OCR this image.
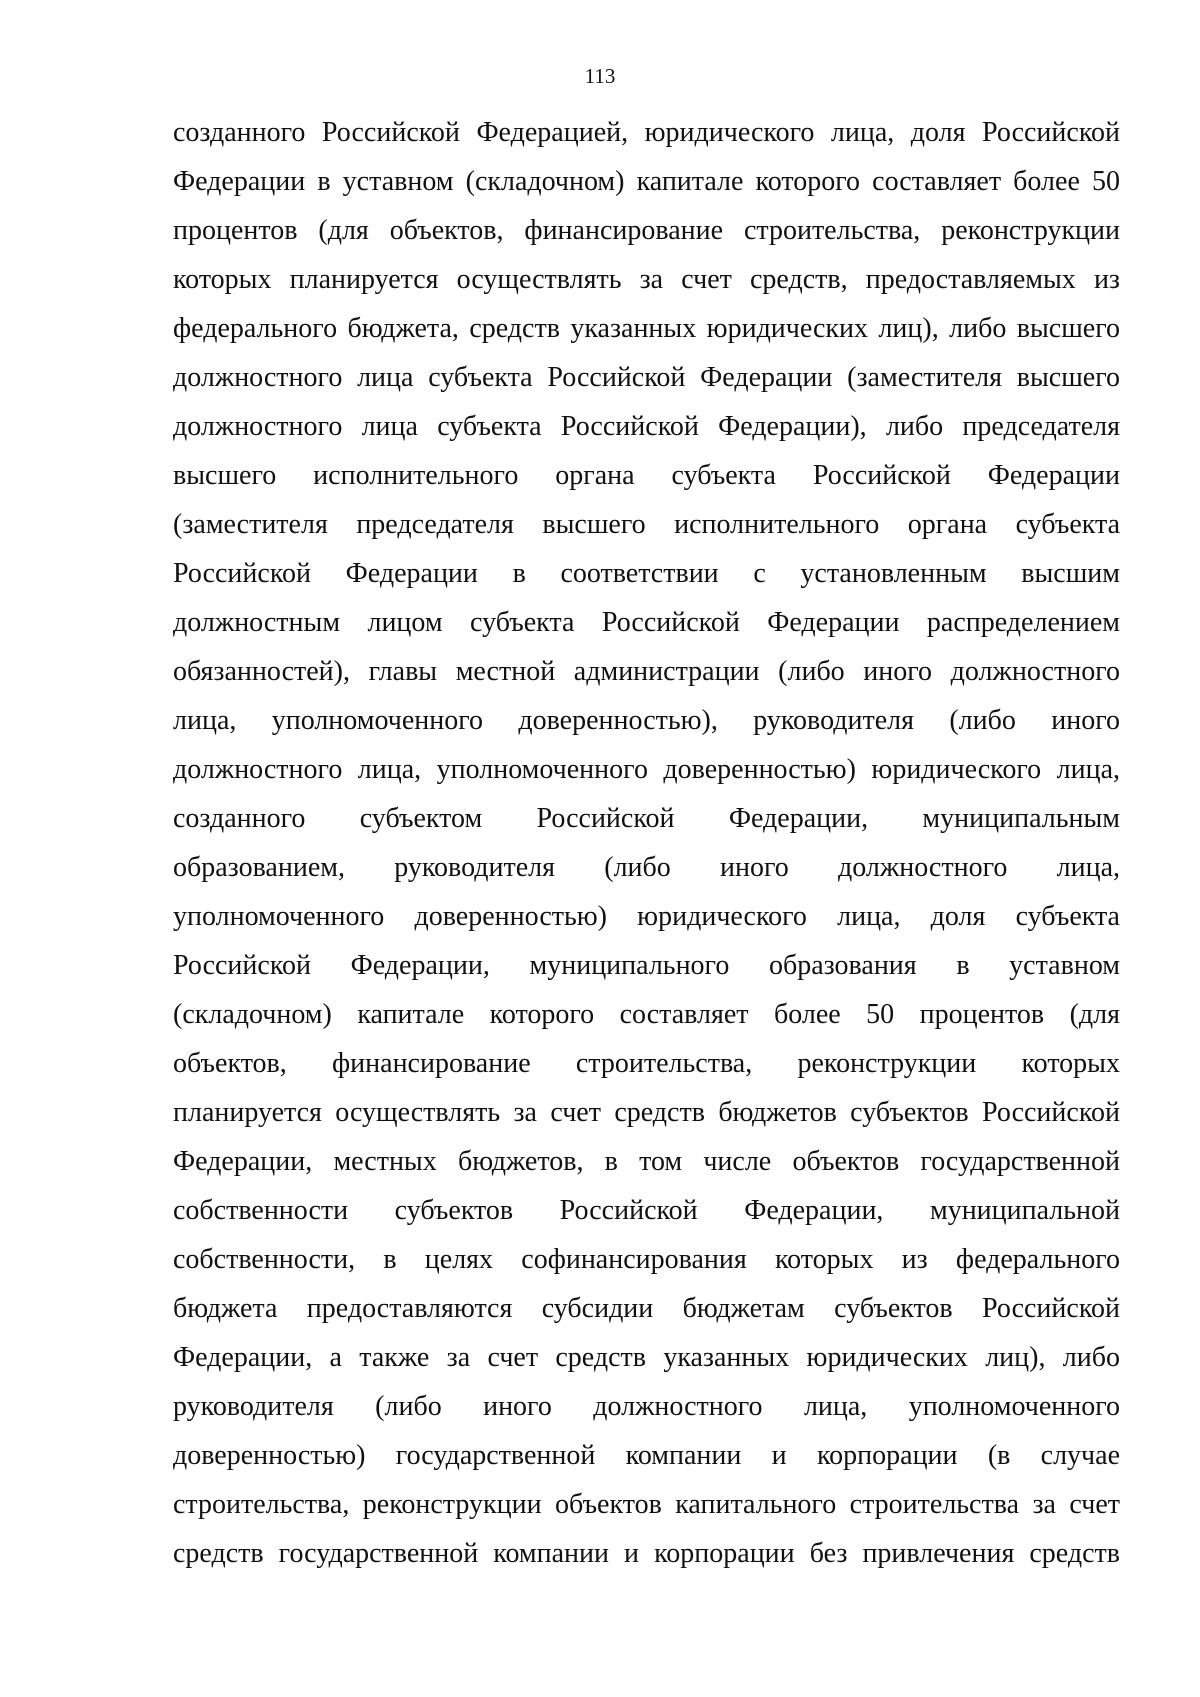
113
созданного Российской Федерацией, юридического лица, доля Российской
Федерации в уставном (складочном) капитале которого составляет более 50
процентов (для объектов, финансирование строительства, реконструкции
которых планируется осуществлять за счет средств, предоставляемых из
федерального бюджета, средств указанных юридических лиц), либо высшего
должностного лица субъекта Российской Федерации (заместителя высшего
должностного лица субъекта Российской Федерации), либо председателя
высшего исполнительного органа субъекта Российской Федерации
(заместителя председателя высшего исполнительного органа субъекта
Российской Федерации в соответствии с установленным высшим
должностным лицом субъекта Российской Федерации распределением
обязанностей), главы местной администрации (либо иного должностного
лица, уполномоченного доверенностью), руководителя (либо иного
должностного лица, уполномоченного доверенностью) юридического лица,
созданного субъектом Российской Федерации, муниципальным
образованием, руководителя (либо иного должностного лица,
уполномоченного доверенностью) юридического лица, доля субъекта
Российской Федерации, муниципального образования в уставном
(складочном) капитале которого составляет более 50 процентов (для
объектов, финансирование строительства, реконструкции которых
планируется осуществлять за счет средств бюджетов субъектов Российской
Федерации, местных бюджетов, в том числе объектов государственной
собственности субъектов Российской Федерации, муниципальной
собственности, в целях софинансирования которых из федерального
бюджета предоставляются субсидии бюджетам субъектов Российской
Федерации, а также за счет средств указанных юридических лиц), либо
руководителя (либо иного должностного лица, уполномоченного
доверенностью) государственной компании и корпорации (в случае
строительства, реконструкции объектов капитального строительства за счет
средств государственной компании и корпорации без привлечения средств
